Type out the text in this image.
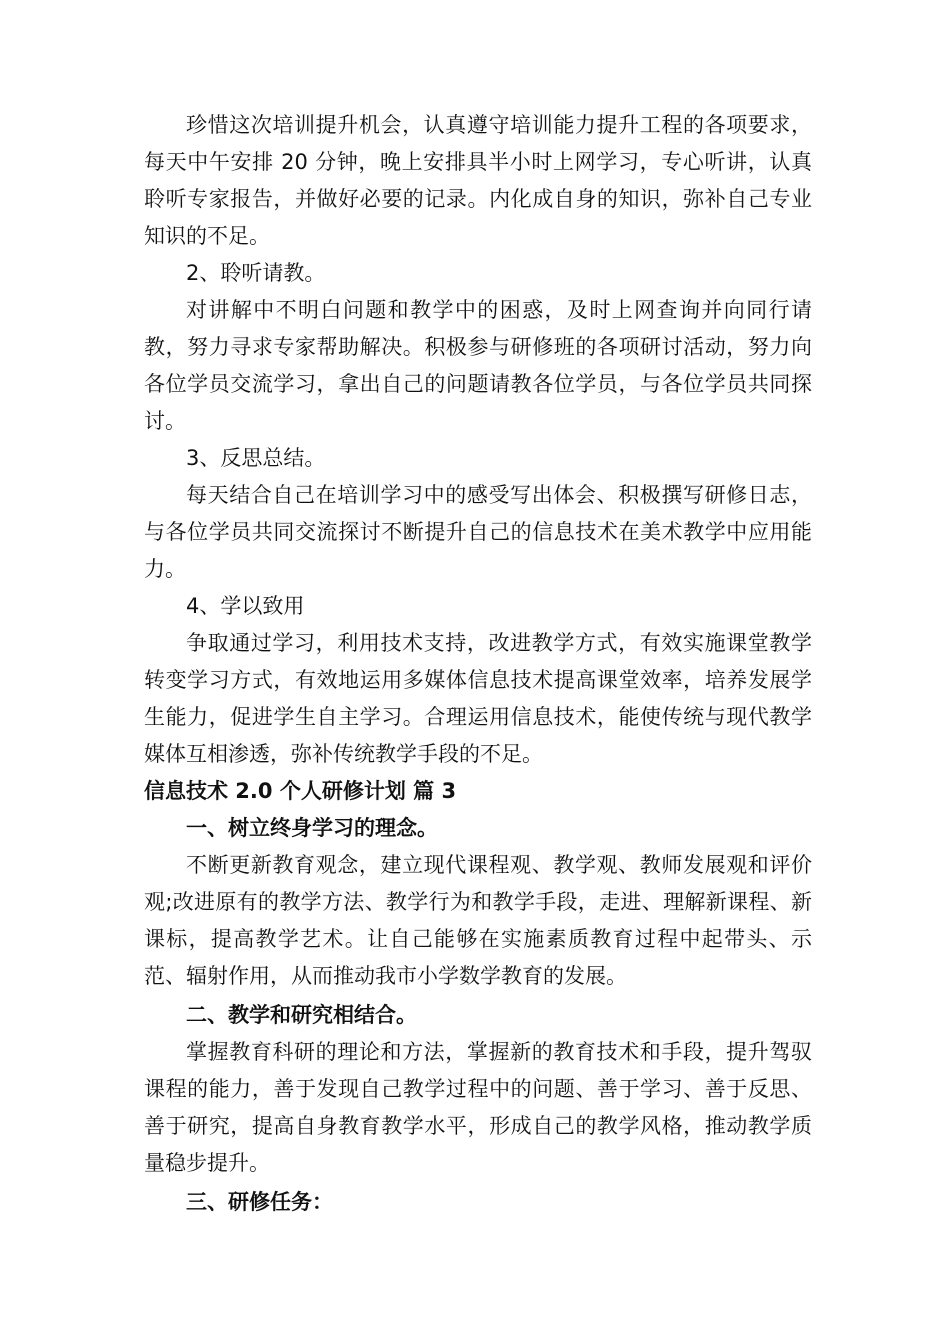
珍惜这次培训提升机会，认真遵守培训能力提升工程的各项要求，每天中午安排 20 分钟，晚上安排具半小时上网学习，专心听讲，认真聆听专家报告，并做好必要的记录。内化成自身的知识，弥补自己专业知识的不足。

2、聆听请教。

对讲解中不明白问题和教学中的困惑，及时上网查询并向同行请教，努力寻求专家帮助解决。积极参与研修班的各项研讨活动，努力向各位学员交流学习，拿出自己的问题请教各位学员，与各位学员共同探讨。

3、反思总结。

每天结合自己在培训学习中的感受写出体会、积极撰写研修日志，与各位学员共同交流探讨不断提升自己的信息技术在美术教学中应用能力。

4、学以致用

争取通过学习，利用技术支持，改进教学方式，有效实施课堂教学转变学习方式，有效地运用多媒体信息技术提高课堂效率，培养发展学生能力，促进学生自主学习。合理运用信息技术，能使传统与现代教学媒体互相渗透，弥补传统教学手段的不足。

信息技术 2.0 个人研修计划 篇 3

一、树立终身学习的理念。

不断更新教育观念，建立现代课程观、教学观、教师发展观和评价观;改进原有的教学方法、教学行为和教学手段，走进、理解新课程、新课标，提高教学艺术。让自己能够在实施素质教育过程中起带头、示范、辐射作用，从而推动我市小学数学教育的发展。

二、教学和研究相结合。

掌握教育科研的理论和方法，掌握新的教育技术和手段，提升驾驭课程的能力，善于发现自己教学过程中的问题、善于学习、善于反思、善于研究，提高自身教育教学水平，形成自己的教学风格，推动教学质量稳步提升。

三、研修任务：
